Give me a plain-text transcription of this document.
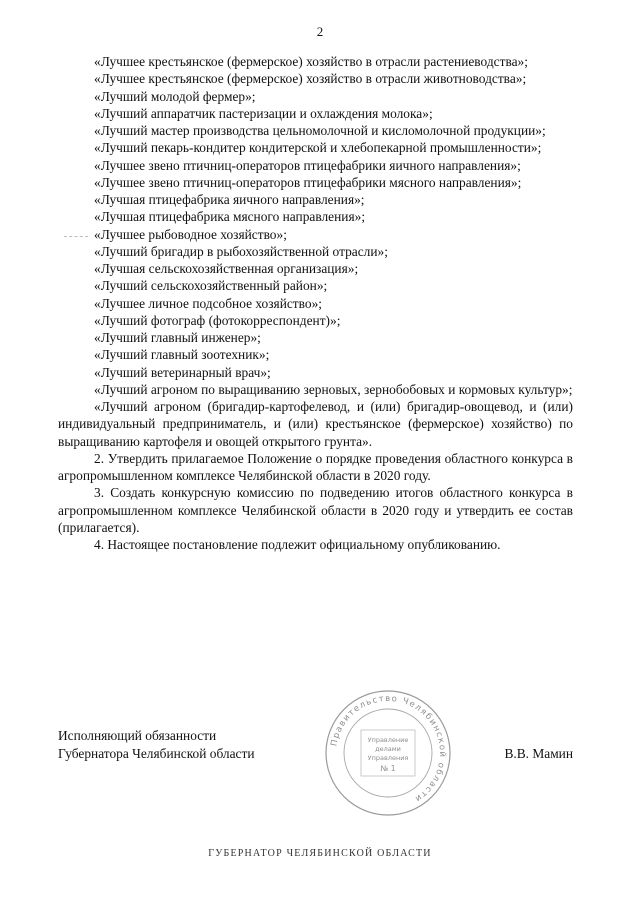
2

«Лучшее крестьянское (фермерское) хозяйство в отрасли растениеводства»;

«Лучшее крестьянское (фермерское) хозяйство в отрасли животноводства»;

«Лучший молодой фермер»;

«Лучший аппаратчик пастеризации и охлаждения молока»;

«Лучший мастер производства цельномолочной и кисломолочной продукции»;

«Лучший пекарь-кондитер кондитерской и хлебопекарной промышленности»;

«Лучшее звено птичниц-операторов птицефабрики яичного направления»;

«Лучшее звено птичниц-операторов птицефабрики мясного направления»;

«Лучшая птицефабрика яичного направления»;

«Лучшая птицефабрика мясного направления»;

«Лучшее рыбоводное хозяйство»;

«Лучший бригадир в рыбохозяйственной отрасли»;

«Лучшая сельскохозяйственная организация»;

«Лучший сельскохозяйственный район»;

«Лучшее личное подсобное хозяйство»;

«Лучший фотограф (фотокорреспондент)»;

«Лучший главный инженер»;

«Лучший главный зоотехник»;

«Лучший ветеринарный врач»;

«Лучший агроном по выращиванию зерновых, зернобобовых и кормовых культур»;

«Лучший агроном (бригадир-картофелевод, и (или) бригадир-овощевод, и (или) индивидуальный предприниматель, и (или) крестьянское (фермерское) хозяйство) по выращиванию картофеля и овощей открытого грунта».

2. Утвердить прилагаемое Положение о порядке проведения областного конкурса в агропромышленном комплексе Челябинской области в 2020 году.

3. Создать конкурсную комиссию по подведению итогов областного конкурса в агропромышленном комплексе Челябинской области в 2020 году и утвердить ее состав (прилагается).

4. Настоящее постановление подлежит официальному опубликованию.

Правительство Челябинской области
Управление
делами
Управления
№ 1
Исполняющий обязанности
Губернатора Челябинской области	В.В. Мамин
ГУБЕРНАТОР ЧЕЛЯБИНСКОЙ ОБЛАСТИ
